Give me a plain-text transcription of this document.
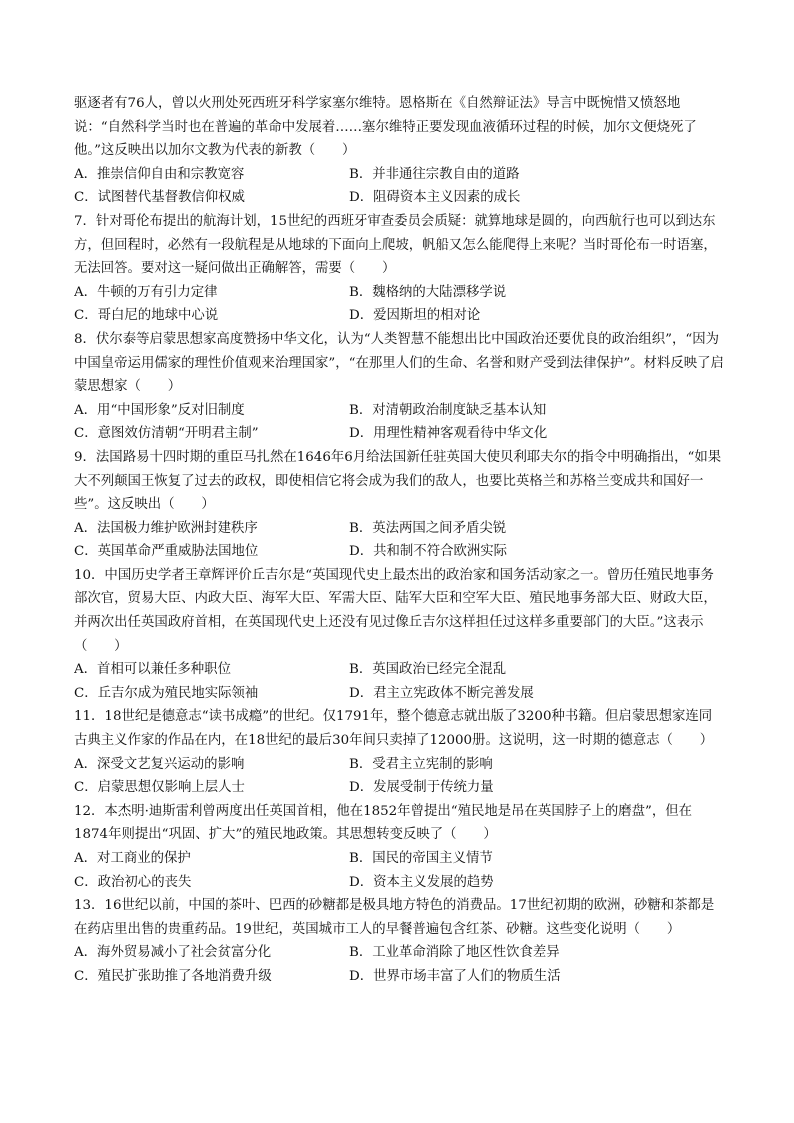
驱逐者有76人，曾以火刑处死西班牙科学家塞尔维特。恩格斯在《自然辩证法》导言中既惋惜又愤怒地说：“自然科学当时也在普遍的革命中发展着……塞尔维特正要发现血液循环过程的时候，加尔文便烧死了他。”这反映出以加尔文教为代表的新教（　　）
A．推崇信仰自由和宗教宽容	B．并非通往宗教自由的道路
C．试图替代基督教信仰权威	D．阻碍资本主义因素的成长
7．针对哥伦布提出的航海计划，15世纪的西班牙审查委员会质疑：就算地球是圆的，向西航行也可以到达东方，但回程时，必然有一段航程是从地球的下面向上爬坡，帆船又怎么能爬得上来呢？当时哥伦布一时语塞，无法回答。要对这一疑问做出正确解答，需要（　　）
A．牛顿的万有引力定律	B．魏格纳的大陆漂移学说
C．哥白尼的地球中心说	D．爱因斯坦的相对论
8．伏尔泰等启蒙思想家高度赞扬中华文化，认为“人类智慧不能想出比中国政治还要优良的政治组织”，“因为中国皇帝运用儒家的理性价值观来治理国家”，“在那里人们的生命、名誉和财产受到法律保护”。材料反映了启蒙思想家（　　）
A．用“中国形象”反对旧制度	B．对清朝政治制度缺乏基本认知
C．意图效仿清朝“开明君主制”	D．用理性精神客观看待中华文化
9．法国路易十四时期的重臣马扎然在1646年6月给法国新任驻英国大使贝利耶夫尔的指令中明确指出，“如果大不列颠国王恢复了过去的政权，即使相信它将会成为我们的敌人，也要比英格兰和苏格兰变成共和国好一些”。这反映出（　　）
A．法国极力维护欧洲封建秩序	B．英法两国之间矛盾尖锐
C．英国革命严重威胁法国地位	D．共和制不符合欧洲实际
10．中国历史学者王章辉评价丘吉尔是“英国现代史上最杰出的政治家和国务活动家之一。曾历任殖民地事务部次官，贸易大臣、内政大臣、海军大臣、军需大臣、陆军大臣和空军大臣、殖民地事务部大臣、财政大臣，并两次出任英国政府首相，在英国现代史上还没有见过像丘吉尔这样担任过这样多重要部门的大臣。”这表示（　　）
A．首相可以兼任多种职位	B．英国政治已经完全混乱
C．丘吉尔成为殖民地实际领袖	D．君主立宪政体不断完善发展
11．18世纪是德意志“读书成瘾”的世纪。仅1791年，整个德意志就出版了3200种书籍。但启蒙思想家连同古典主义作家的作品在内，在18世纪的最后30年间只卖掉了12000册。这说明，这一时期的德意志（　　）
A．深受文艺复兴运动的影响	B．受君主立宪制的影响
C．启蒙思想仅影响上层人士	D．发展受制于传统力量
12．本杰明·迪斯雷利曾两度出任英国首相，他在1852年曾提出“殖民地是吊在英国脖子上的磨盘”，但在1874年则提出“巩固、扩大”的殖民地政策。其思想转变反映了（　　）
A．对工商业的保护	B．国民的帝国主义情节
C．政治初心的丧失	D．资本主义发展的趋势
13．16世纪以前，中国的茶叶、巴西的砂糖都是极具地方特色的消费品。17世纪初期的欧洲，砂糖和茶都是在药店里出售的贵重药品。19世纪，英国城市工人的早餐普遍包含红茶、砂糖。这些变化说明（　　）
A．海外贸易减小了社会贫富分化	B．工业革命消除了地区性饮食差异
C．殖民扩张助推了各地消费升级	D．世界市场丰富了人们的物质生活
